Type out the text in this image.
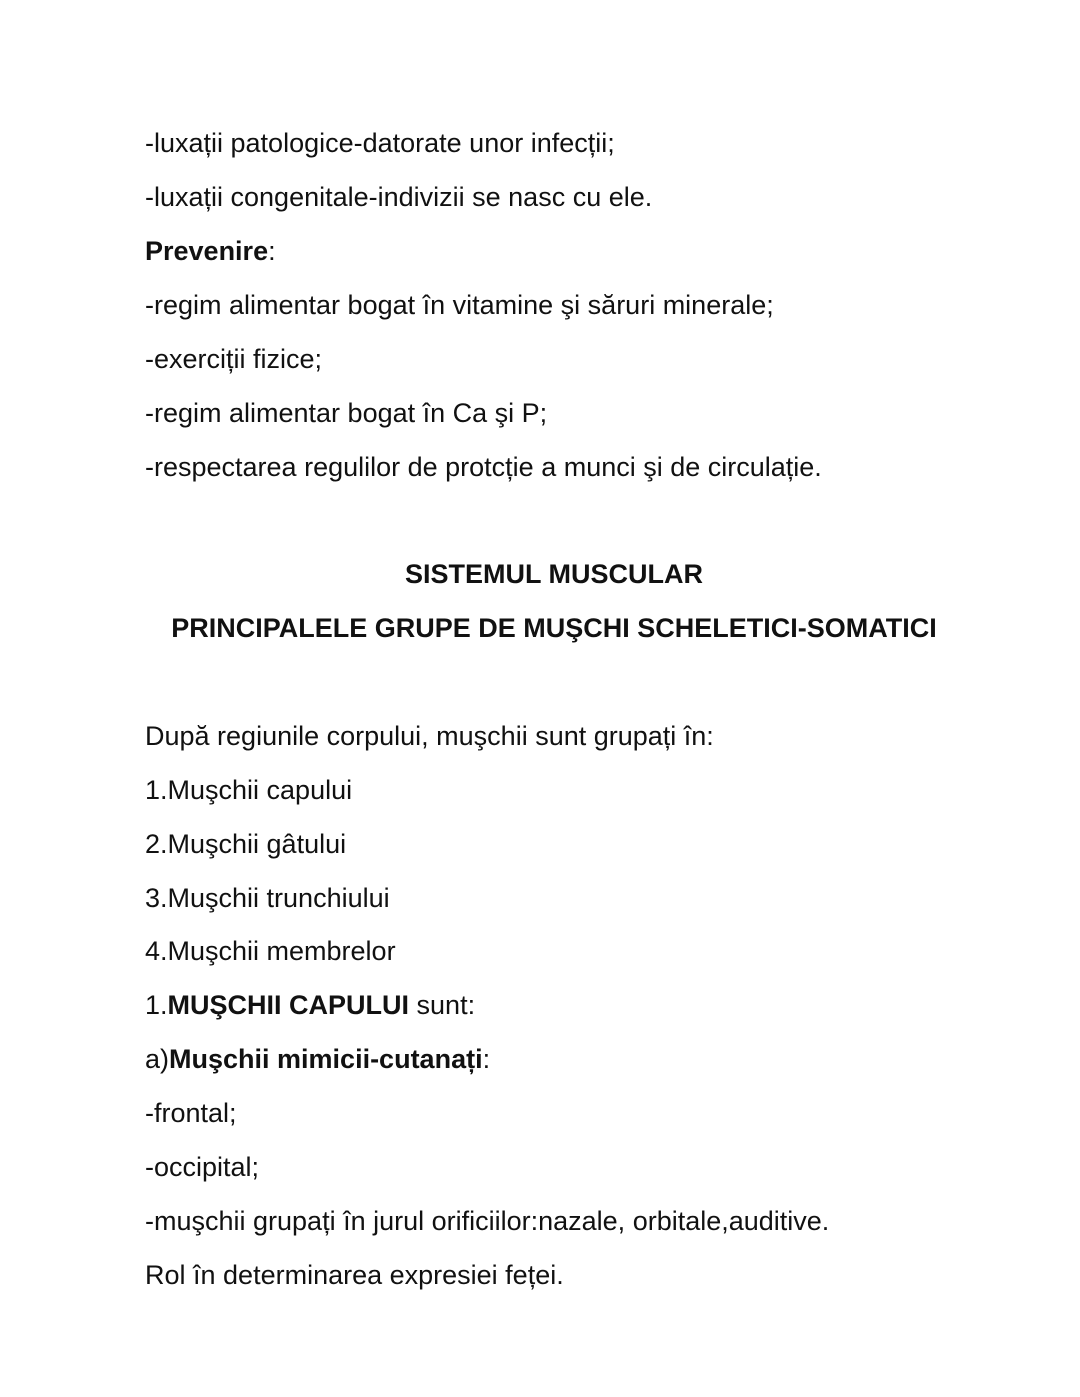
-luxații patologice-datorate unor infecții;
-luxații congenitale-indivizii se nasc cu ele.
Prevenire:
-regim alimentar bogat în vitamine şi săruri minerale;
-exerciții fizice;
-regim alimentar bogat în Ca şi P;
-respectarea regulilor de protcție a munci şi de circulație.
SISTEMUL MUSCULAR
PRINCIPALELE GRUPE DE MUŞCHI SCHELETICI-SOMATICI
După regiunile corpului, muşchii sunt grupați în:
1.Muşchii capului
2.Muşchii gâtului
3.Muşchii trunchiului
4.Muşchii membrelor
1.MUŞCHII CAPULUI sunt:
a)Muşchii mimicii-cutanați:
-frontal;
-occipital;
-muşchii grupați în jurul orificiilor:nazale, orbitale,auditive.
Rol în determinarea expresiei feței.
